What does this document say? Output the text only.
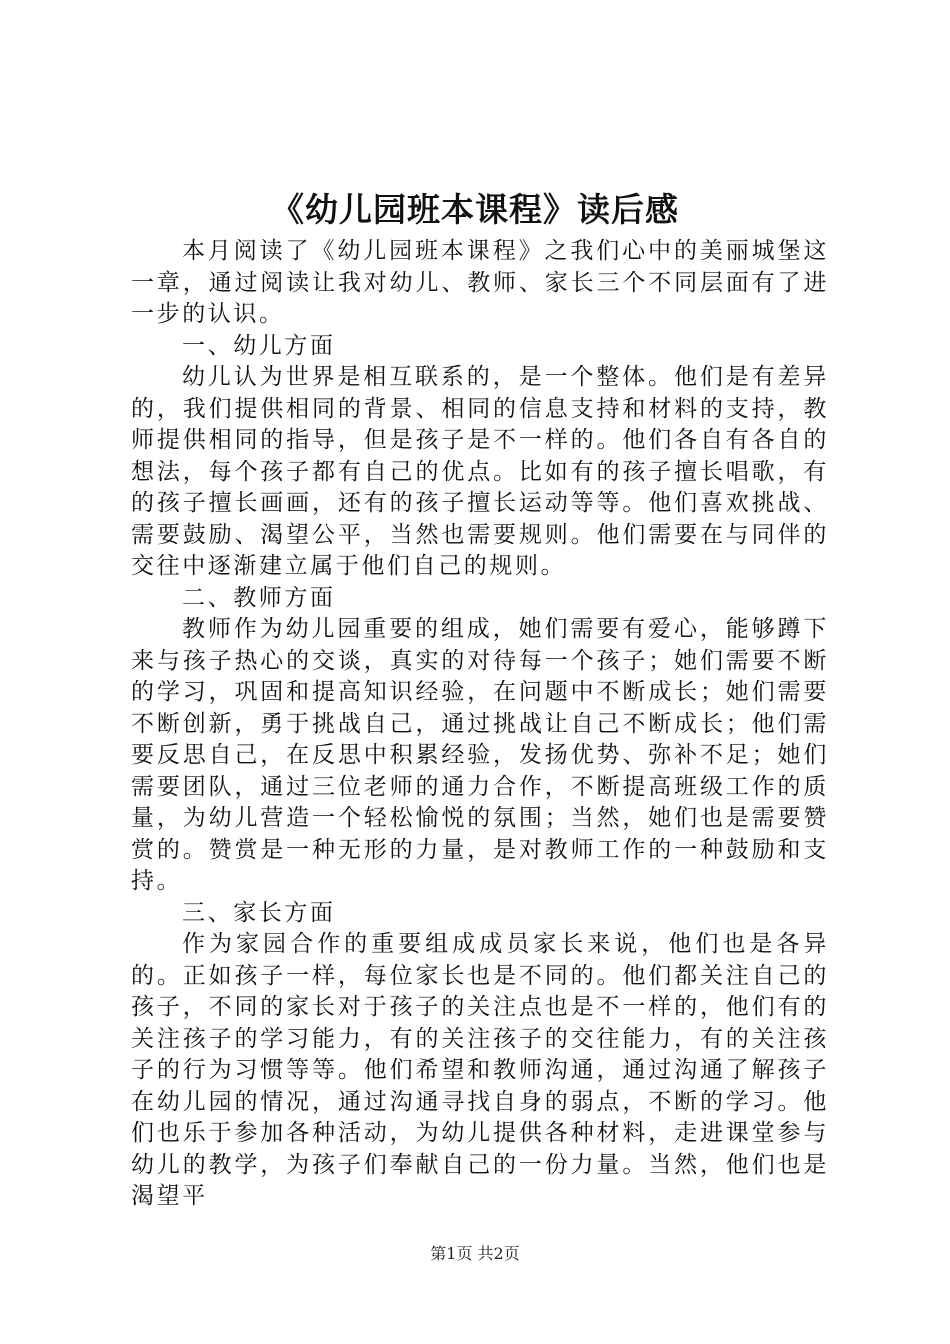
《幼儿园班本课程》读后感

本月阅读了《幼儿园班本课程》之我们心中的美丽城堡这一章，通过阅读让我对幼儿、教师、家长三个不同层面有了进一步的认识。

一、幼儿方面

幼儿认为世界是相互联系的，是一个整体。他们是有差异的，我们提供相同的背景、相同的信息支持和材料的支持，教师提供相同的指导，但是孩子是不一样的。他们各自有各自的想法，每个孩子都有自己的优点。比如有的孩子擅长唱歌，有的孩子擅长画画，还有的孩子擅长运动等等。他们喜欢挑战、需要鼓励、渴望公平，当然也需要规则。他们需要在与同伴的交往中逐渐建立属于他们自己的规则。

二、教师方面

教师作为幼儿园重要的组成，她们需要有爱心，能够蹲下来与孩子热心的交谈，真实的对待每一个孩子；她们需要不断的学习，巩固和提高知识经验，在问题中不断成长；她们需要不断创新，勇于挑战自己，通过挑战让自己不断成长；他们需要反思自己，在反思中积累经验，发扬优势、弥补不足；她们需要团队，通过三位老师的通力合作，不断提高班级工作的质量，为幼儿营造一个轻松愉悦的氛围；当然，她们也是需要赞赏的。赞赏是一种无形的力量，是对教师工作的一种鼓励和支持。

三、家长方面

作为家园合作的重要组成成员家长来说，他们也是各异的。正如孩子一样，每位家长也是不同的。他们都关注自己的孩子，不同的家长对于孩子的关注点也是不一样的，他们有的关注孩子的学习能力，有的关注孩子的交往能力，有的关注孩子的行为习惯等等。他们希望和教师沟通，通过沟通了解孩子在幼儿园的情况，通过沟通寻找自身的弱点，不断的学习。他们也乐于参加各种活动，为幼儿提供各种材料，走进课堂参与幼儿的教学，为孩子们奉献自己的一份力量。当然，他们也是渴望平

第1页 共2页
